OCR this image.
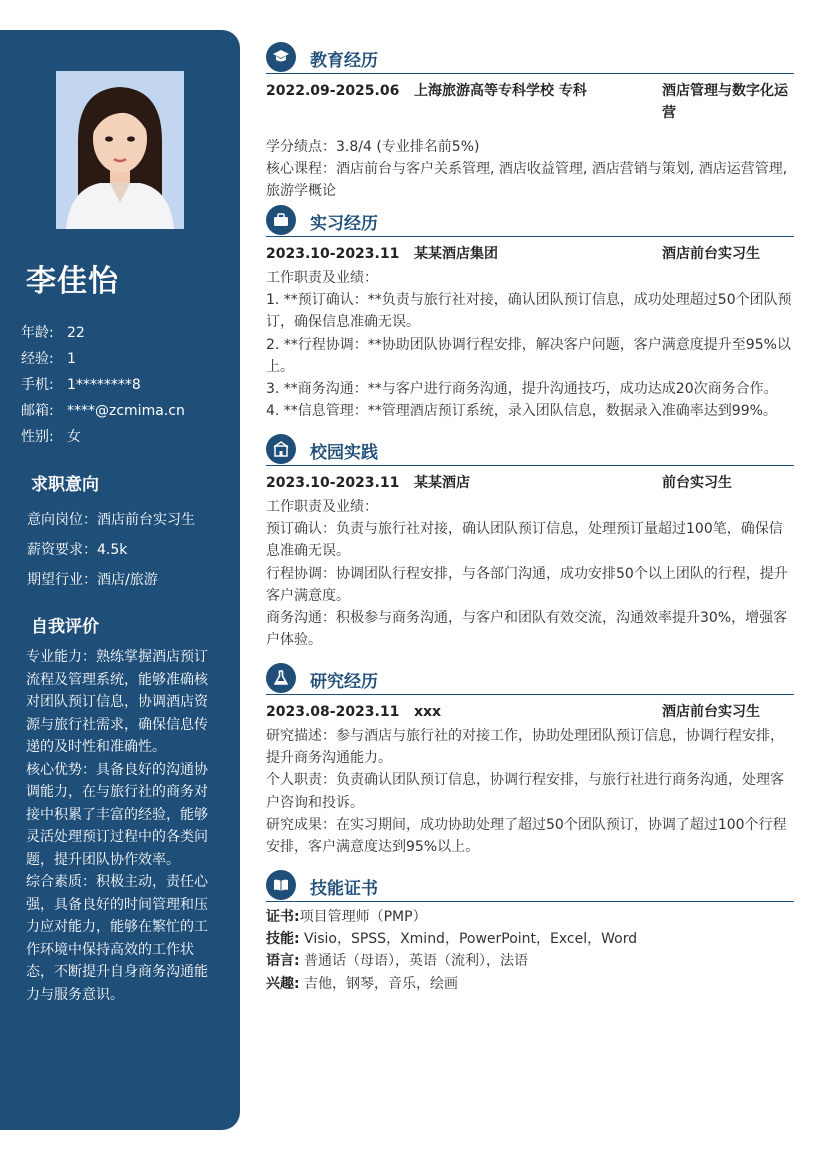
李佳怡
年龄: 22
经验: 1
手机: 1********8
邮箱: ****@zcmima.cn
性别: 女
求职意向
意向岗位：酒店前台实习生
薪资要求：4.5k
期望行业：酒店/旅游
自我评价

专业能力：熟练掌握酒店预订流程及管理系统，能够准确核对团队预订信息，协调酒店资源与旅行社需求，确保信息传递的及时性和准确性。

核心优势：具备良好的沟通协调能力，在与旅行社的商务对接中积累了丰富的经验，能够灵活处理预订过程中的各类问题，提升团队协作效率。

综合素质：积极主动，责任心强，具备良好的时间管理和压力应对能力，能够在繁忙的工作环境中保持高效的工作状态，不断提升自身商务沟通能力与服务意识。

教育经历
2022.09-2025.06	上海旅游高等专科学校 专科	酒店管理与数字化运营

学分绩点：3.8/4 (专业排名前5%)

核心课程：酒店前台与客户关系管理, 酒店收益管理, 酒店营销与策划, 酒店运营管理, 旅游学概论

实习经历
2023.10-2023.11	某某酒店集团	酒店前台实习生

工作职责及业绩：

1. **预订确认：**负责与旅行社对接，确认团队预订信息，成功处理超过50个团队预订，确保信息准确无误。

2. **行程协调：**协助团队协调行程安排，解决客户问题，客户满意度提升至95%以上。

3. **商务沟通：**与客户进行商务沟通，提升沟通技巧，成功达成20次商务合作。

4. **信息管理：**管理酒店预订系统，录入团队信息，数据录入准确率达到99%。

校园实践
2023.10-2023.11	某某酒店	前台实习生

工作职责及业绩：

预订确认：负责与旅行社对接，确认团队预订信息，处理预订量超过100笔，确保信息准确无误。

行程协调：协调团队行程安排，与各部门沟通，成功安排50个以上团队的行程，提升客户满意度。

商务沟通：积极参与商务沟通，与客户和团队有效交流，沟通效率提升30%，增强客户体验。

研究经历
2023.08-2023.11	xxx	酒店前台实习生

研究描述：参与酒店与旅行社的对接工作，协助处理团队预订信息，协调行程安排，提升商务沟通能力。

个人职责：负责确认团队预订信息，协调行程安排，与旅行社进行商务沟通，处理客户咨询和投诉。

研究成果：在实习期间，成功协助处理了超过50个团队预订，协调了超过100个行程安排，客户满意度达到95%以上。

技能证书
证书:项目管理师（PMP）
技能: Visio，SPSS，Xmind，PowerPoint，Excel，Word
语言: 普通话（母语），英语（流利），法语
兴趣: 吉他，钢琴，音乐，绘画
